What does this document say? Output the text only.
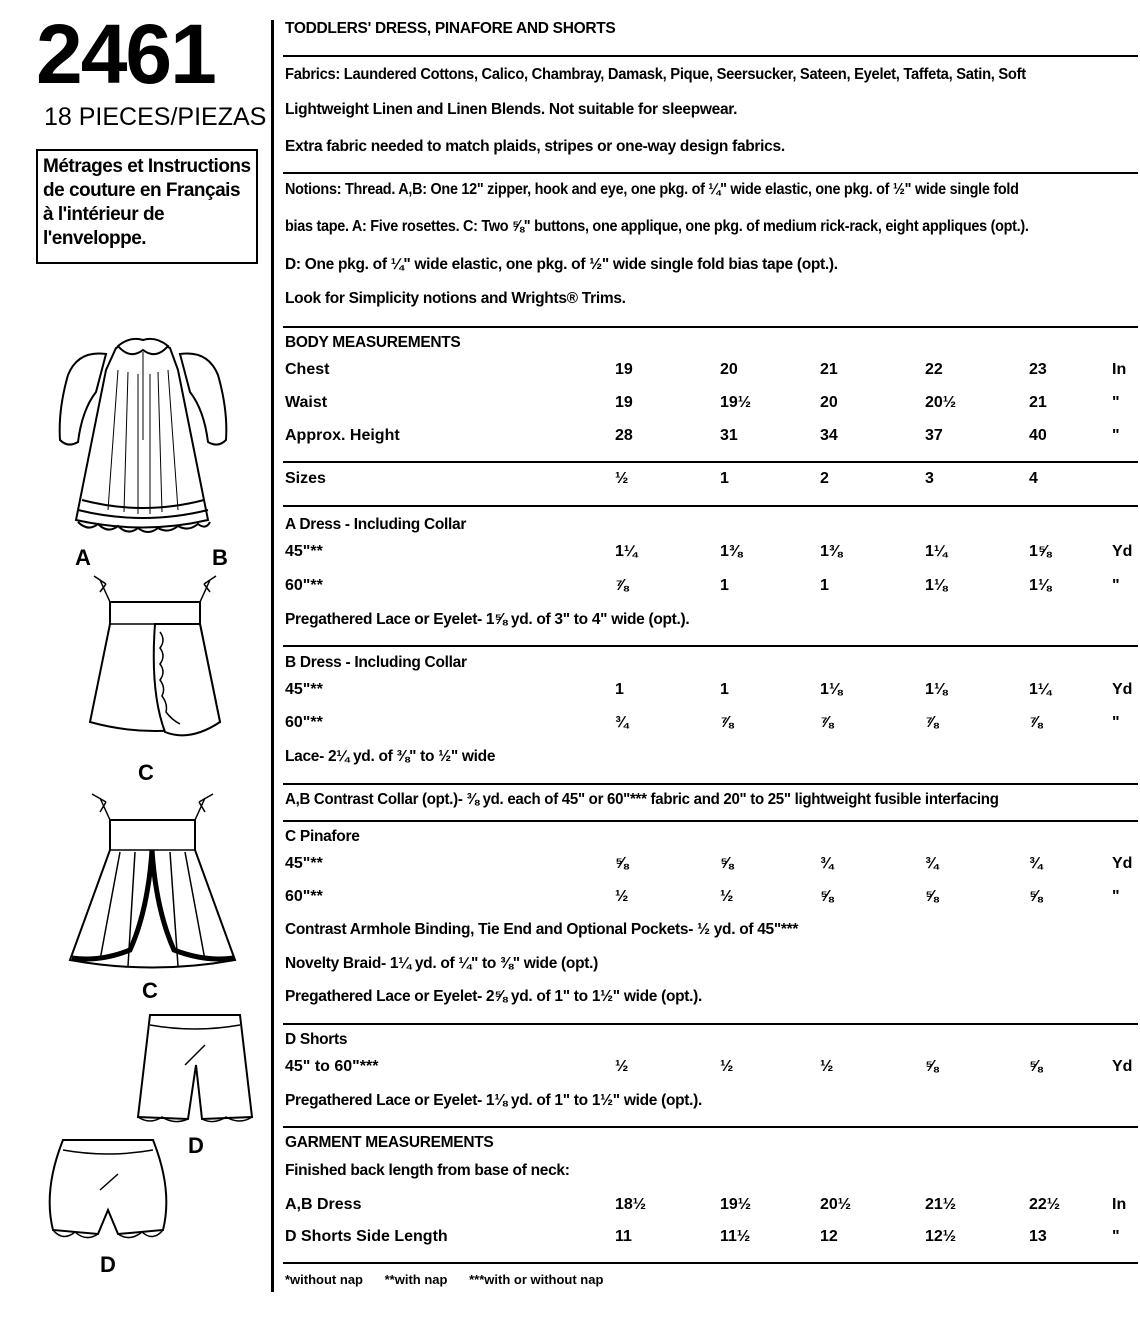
2461
18 PIECES/PIEZAS
Métrages et Instructions
de couture en Français
à l'intérieur de
l'enveloppe.
A	B
C
C
D
D
TODDLERS' DRESS, PINAFORE AND SHORTS
Fabrics: Laundered Cottons, Calico, Chambray, Damask, Pique, Seersucker, Sateen, Eyelet, Taffeta, Satin, Soft
Lightweight Linen and Linen Blends. Not suitable for sleepwear.
Extra fabric needed to match plaids, stripes or one-way design fabrics.
Notions: Thread. A,B: One 12" zipper, hook and eye, one pkg. of ¼" wide elastic, one pkg. of ½" wide single fold
bias tape. A: Five rosettes. C: Two ⅝" buttons, one applique, one pkg. of medium rick-rack, eight appliques (opt.).
D: One pkg. of ¼" wide elastic, one pkg. of ½" wide single fold bias tape (opt.).
Look for Simplicity notions and Wrights® Trims.
BODY MEASUREMENTS
Chest	19	20	21	22	23	In
Waist	19	19½	20	20½	21	"
Approx. Height	28	31	34	37	40	"
Sizes	½	1	2	3	4
A Dress - Including Collar
45"**	1¼	1⅜	1⅜	1¼	1⅝	Yd
60"**	⅞	1	1	1⅛	1⅛	"
Pregathered Lace or Eyelet- 1⅝ yd. of 3" to 4" wide (opt.).
B Dress - Including Collar
45"**	1	1	1⅛	1⅛	1¼	Yd
60"**	¾	⅞	⅞	⅞	⅞	"
Lace- 2¼ yd. of ⅜" to ½" wide
A,B Contrast Collar (opt.)- ⅜ yd. each of 45" or 60"*** fabric and 20" to 25" lightweight fusible interfacing
C Pinafore
45"**	⅝	⅝	¾	¾	¾	Yd
60"**	½	½	⅝	⅝	⅝	"
Contrast Armhole Binding, Tie End and Optional Pockets- ½ yd. of 45"***
Novelty Braid- 1¼ yd. of ¼" to ⅜" wide (opt.)
Pregathered Lace or Eyelet- 2⅝ yd. of 1" to 1½" wide (opt.).
D Shorts
45" to 60"***	½	½	½	⅝	⅝	Yd
Pregathered Lace or Eyelet- 1⅛ yd. of 1" to 1½" wide (opt.).
GARMENT MEASUREMENTS
Finished back length from base of neck:
A,B Dress	18½	19½	20½	21½	22½	In
D Shorts Side Length	11	11½	12	12½	13	"
*without nap **with nap ***with or without nap
